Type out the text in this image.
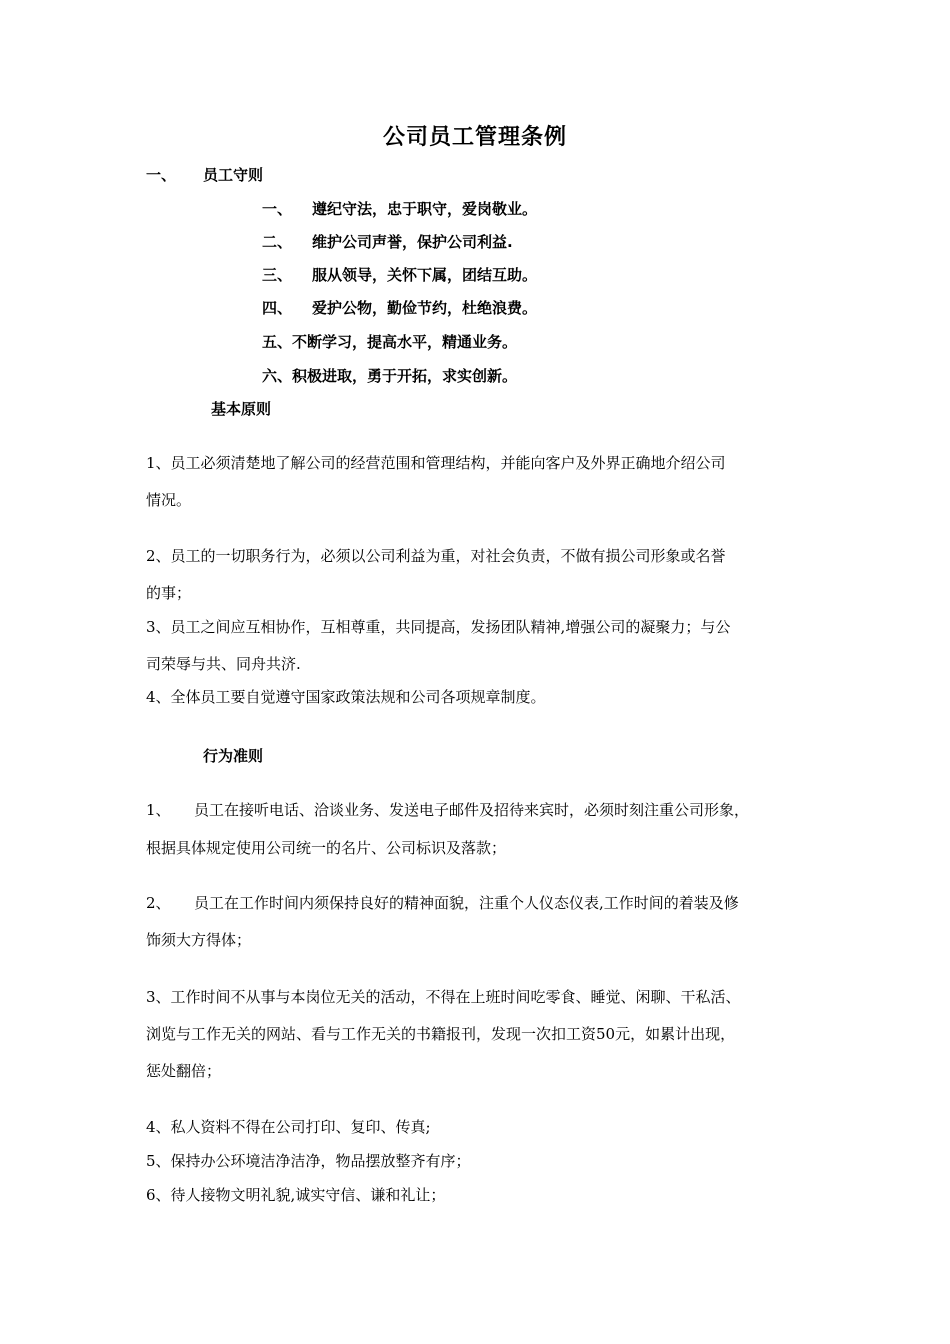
公司员工管理条例
一、 员工守则
一、 遵纪守法，忠于职守，爱岗敬业。
二、 维护公司声誉，保护公司利益.
三、 服从领导，关怀下属，团结互助。
四、 爱护公物，勤俭节约，杜绝浪费。
五、不断学习，提高水平，精通业务。
六、积极进取，勇于开拓，求实创新。
基本原则
1、员工必须清楚地了解公司的经营范围和管理结构，并能向客户及外界正确地介绍公司
情况。
2、员工的一切职务行为，必须以公司利益为重，对社会负责，不做有损公司形象或名誉
的事；
3、员工之间应互相协作，互相尊重，共同提高，发扬团队精神,增强公司的凝聚力；与公
司荣辱与共、同舟共济.
4、全体员工要自觉遵守国家政策法规和公司各项规章制度。
行为准则
1、 员工在接听电话、洽谈业务、发送电子邮件及招待来宾时，必须时刻注重公司形象，
根据具体规定使用公司统一的名片、公司标识及落款；
2、 员工在工作时间内须保持良好的精神面貌，注重个人仪态仪表,工作时间的着装及修
饰须大方得体；
3、工作时间不从事与本岗位无关的活动，不得在上班时间吃零食、睡觉、闲聊、干私活、
浏览与工作无关的网站、看与工作无关的书籍报刊，发现一次扣工资50元，如累计出现，
惩处翻倍；
4、私人资料不得在公司打印、复印、传真;
5、保持办公环境洁净洁净，物品摆放整齐有序；
6、待人接物文明礼貌,诚实守信、谦和礼让；
